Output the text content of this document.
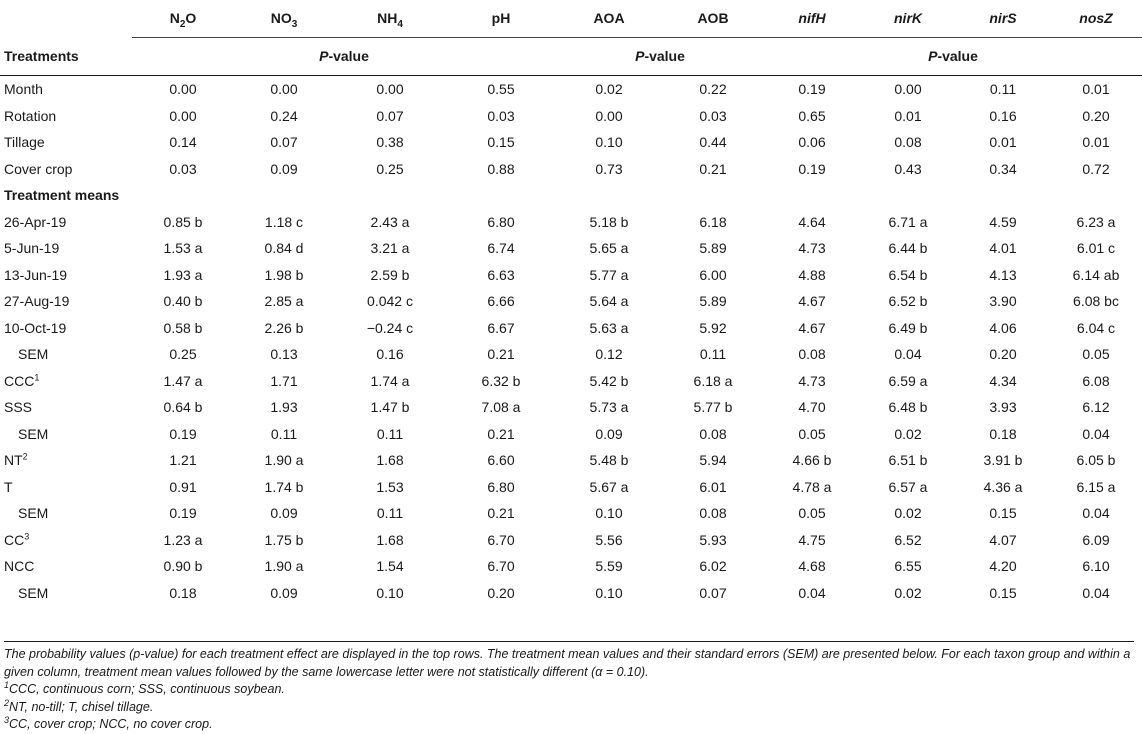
	$N_2O$	$NO_3$	$NH_4$	pH	AOA	AOB	nifH	nirK	nirS	nosZ
Treatments	P-value				P-value		P-value			
Month	0.00	0.00	0.00	0.55	0.02	0.22	0.19	0.00	0.11	0.01
Rotation	0.00	0.24	0.07	0.03	0.00	0.03	0.65	0.01	0.16	0.20
Tillage	0.14	0.07	0.38	0.15	0.10	0.44	0.06	0.08	0.01	0.01
Cover crop	0.03	0.09	0.25	0.88	0.73	0.21	0.19	0.43	0.34	0.72
Treatment means										
26-Apr-19	0.85 b	1.18 c	2.43 a	6.80	5.18 b	6.18	4.64	6.71 a	4.59	6.23 a
5-Jun-19	1.53 a	0.84 d	3.21 a	6.74	5.65 a	5.89	4.73	6.44 b	4.01	6.01 c
13-Jun-19	1.93 a	1.98 b	2.59 b	6.63	5.77 a	6.00	4.88	6.54 b	4.13	6.14 ab
27-Aug-19	0.40 b	2.85 a	0.042 c	6.66	5.64 a	5.89	4.67	6.52 b	3.90	6.08 bc
10-Oct-19	0.58 b	2.26 b	−0.24 c	6.67	5.63 a	5.92	4.67	6.49 b	4.06	6.04 c
SEM	0.25	0.13	0.16	0.21	0.12	0.11	0.08	0.04	0.20	0.05
CCC$^1$	1.47 a	1.71	1.74 a	6.32 b	5.42 b	6.18 a	4.73	6.59 a	4.34	6.08
SSS	0.64 b	1.93	1.47 b	7.08 a	5.73 a	5.77 b	4.70	6.48 b	3.93	6.12
SEM	0.19	0.11	0.11	0.21	0.09	0.08	0.05	0.02	0.18	0.04
$NT^2$	1.21	1.90 a	1.68	6.60	5.48 b	5.94	4.66 b	6.51 b	3.91 b	6.05 b
T	0.91	1.74 b	1.53	6.80	5.67 a	6.01	4.78 a	6.57 a	4.36 a	6.15 a
SEM	0.19	0.09	0.11	0.21	0.10	0.08	0.05	0.02	0.15	0.04
$CC^3$	1.23 a	1.75 b	1.68	6.70	5.56	5.93	4.75	6.52	4.07	6.09
NCC	0.90 b	1.90 a	1.54	6.70	5.59	6.02	4.68	6.55	4.20	6.10
SEM	0.18	0.09	0.10	0.20	0.10	0.07	0.04	0.02	0.15	0.04
The probability values (p-value) for each treatment effect are displayed in the top rows. The treatment mean values and their standard errors (SEM) are presented below. For each taxon group and within a given column, treatment mean values followed by the same lowercase letter were not statistically different (α = 0.10).
$^1$CCC, continuous corn; SSS, continuous soybean.
$^2$NT, no-till; T, chisel tillage.
$^3$CC, cover crop; NCC, no cover crop.
